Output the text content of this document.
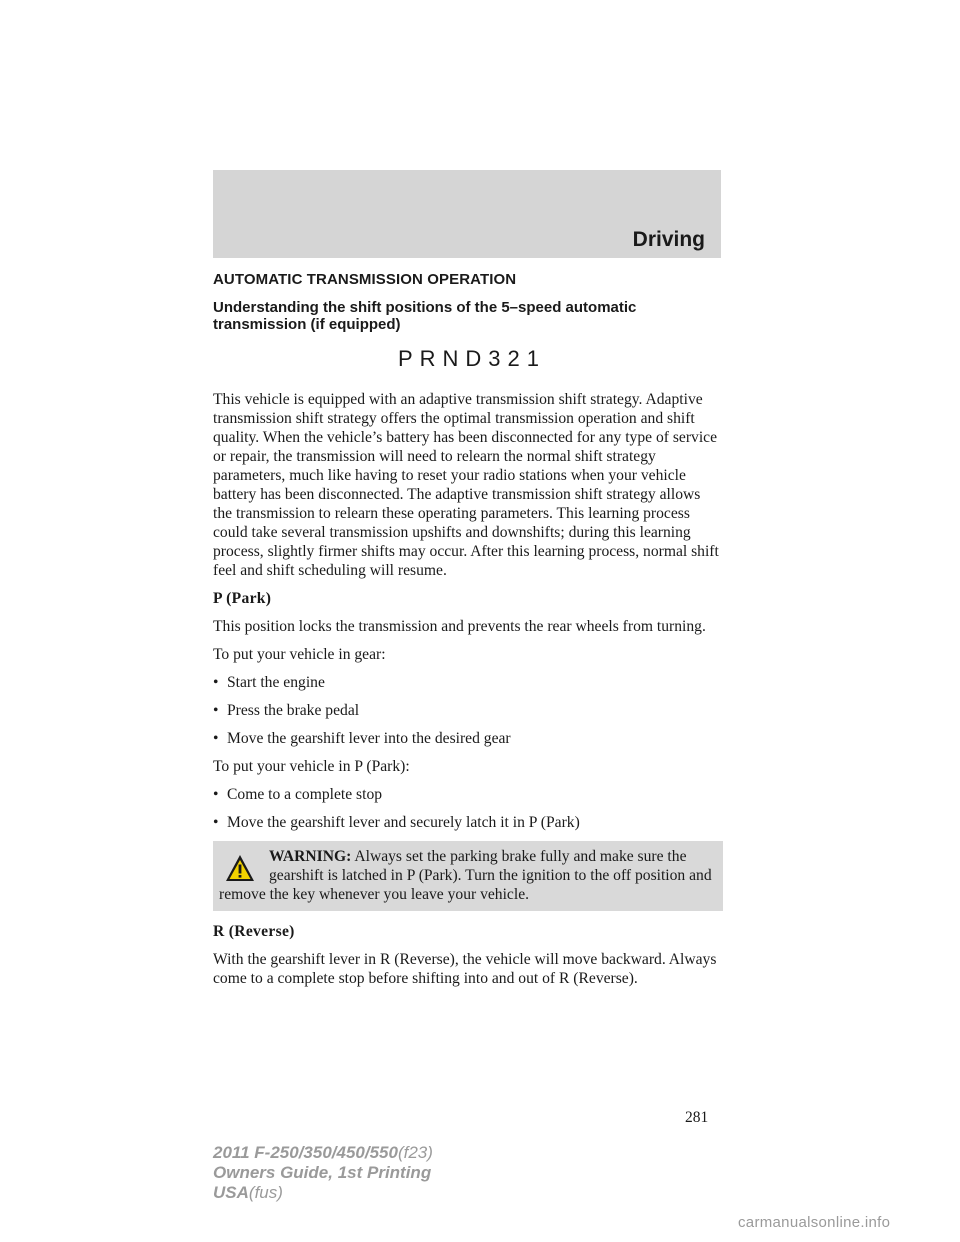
Driving
AUTOMATIC TRANSMISSION OPERATION
Understanding the shift positions of the 5–speed automatic
transmission (if equipped)
PRND321

This vehicle is equipped with an adaptive transmission shift strategy. Adaptive transmission shift strategy offers the optimal transmission operation and shift quality. When the vehicle’s battery has been disconnected for any type of service or repair, the transmission will need to relearn the normal shift strategy parameters, much like having to reset your radio stations when your vehicle battery has been disconnected. The adaptive transmission shift strategy allows the transmission to relearn these operating parameters. This learning process could take several transmission upshifts and downshifts; during this learning process, slightly firmer shifts may occur. After this learning process, normal shift feel and shift scheduling will resume.

P (Park)

This position locks the transmission and prevents the rear wheels from turning.

To put your vehicle in gear:

• Start the engine
• Press the brake pedal
• Move the gearshift lever into the desired gear

To put your vehicle in P (Park):

• Come to a complete stop
• Move the gearshift lever and securely latch it in P (Park)
WARNING: Always set the parking brake fully and make sure the gearshift is latched in P (Park). Turn the ignition to the off position and remove the key whenever you leave your vehicle.
R (Reverse)

With the gearshift lever in R (Reverse), the vehicle will move backward. Always come to a complete stop before shifting into and out of R (Reverse).

281
2011 F-250/350/450/550(f23)
Owners Guide, 1st Printing
USA(fus)
carmanualsonline.info
